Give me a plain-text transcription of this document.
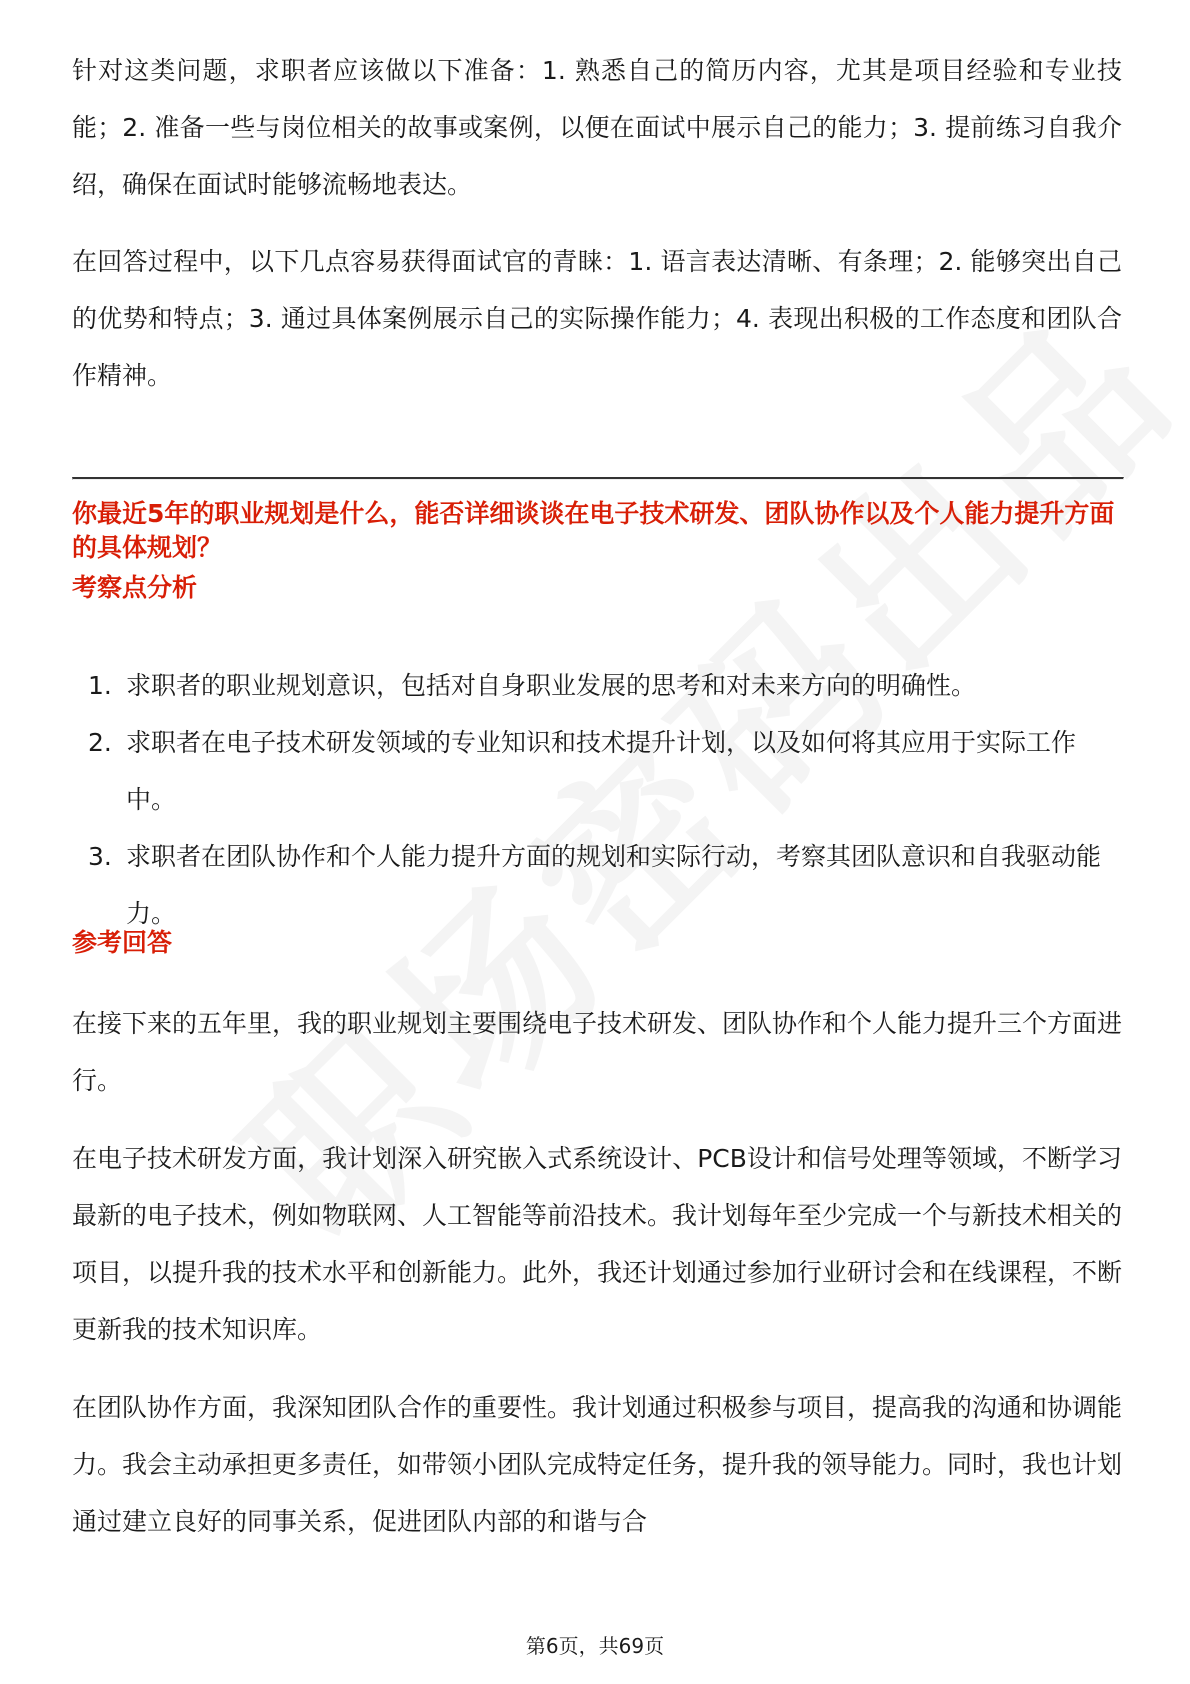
针对这类问题，求职者应该做以下准备：1. 熟悉自己的简历内容，尤其是项目经验和专业技能；2. 准备一些与岗位相关的故事或案例，以便在面试中展示自己的能力；3. 提前练习自我介绍，确保在面试时能够流畅地表达。

在回答过程中，以下几点容易获得面试官的青睐：1. 语言表达清晰、有条理；2. 能够突出自己的优势和特点；3. 通过具体案例展示自己的实际操作能力；4. 表现出积极的工作态度和团队合作精神。

你最近5年的职业规划是什么，能否详细谈谈在电子技术研发、团队协作以及个人能力提升方面的具体规划？
考察点分析
1. 求职者的职业规划意识，包括对自身职业发展的思考和对未来方向的明确性。
2. 求职者在电子技术研发领域的专业知识和技术提升计划，以及如何将其应用于实际工作中。
3. 求职者在团队协作和个人能力提升方面的规划和实际行动，考察其团队意识和自我驱动能力。
参考回答

在接下来的五年里，我的职业规划主要围绕电子技术研发、团队协作和个人能力提升三个方面进行。

在电子技术研发方面，我计划深入研究嵌入式系统设计、PCB设计和信号处理等领域，不断学习最新的电子技术，例如物联网、人工智能等前沿技术。我计划每年至少完成一个与新技术相关的项目，以提升我的技术水平和创新能力。此外，我还计划通过参加行业研讨会和在线课程，不断更新我的技术知识库。

在团队协作方面，我深知团队合作的重要性。我计划通过积极参与项目，提高我的沟通和协调能力。我会主动承担更多责任，如带领小团队完成特定任务，提升我的领导能力。同时，我也计划通过建立良好的同事关系，促进团队内部的和谐与合

第6页，共69页
